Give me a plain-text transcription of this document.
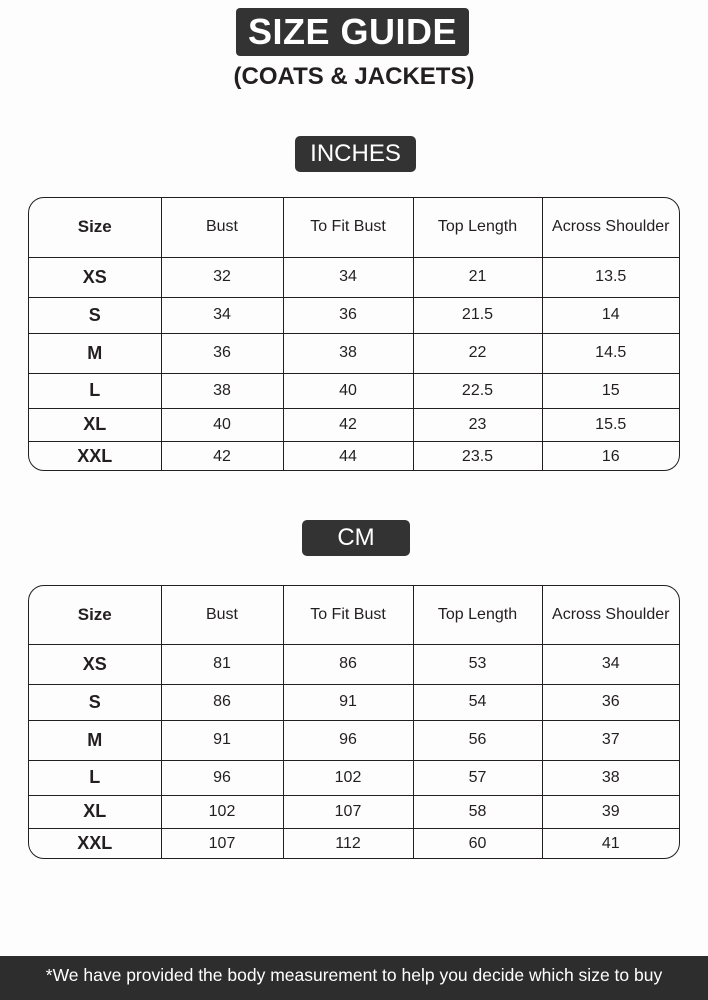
SIZE GUIDE
(COATS & JACKETS)
INCHES
Size	Bust	To Fit Bust	Top Length	Across Shoulder
XS	32	34	21	13.5
S	34	36	21.5	14
M	36	38	22	14.5
L	38	40	22.5	15
XL	40	42	23	15.5
XXL	42	44	23.5	16
CM
Size	Bust	To Fit Bust	Top Length	Across Shoulder
XS	81	86	53	34
S	86	91	54	36
M	91	96	56	37
L	96	102	57	38
XL	102	107	58	39
XXL	107	112	60	41
*We have provided the body measurement to help you decide which size to buy
